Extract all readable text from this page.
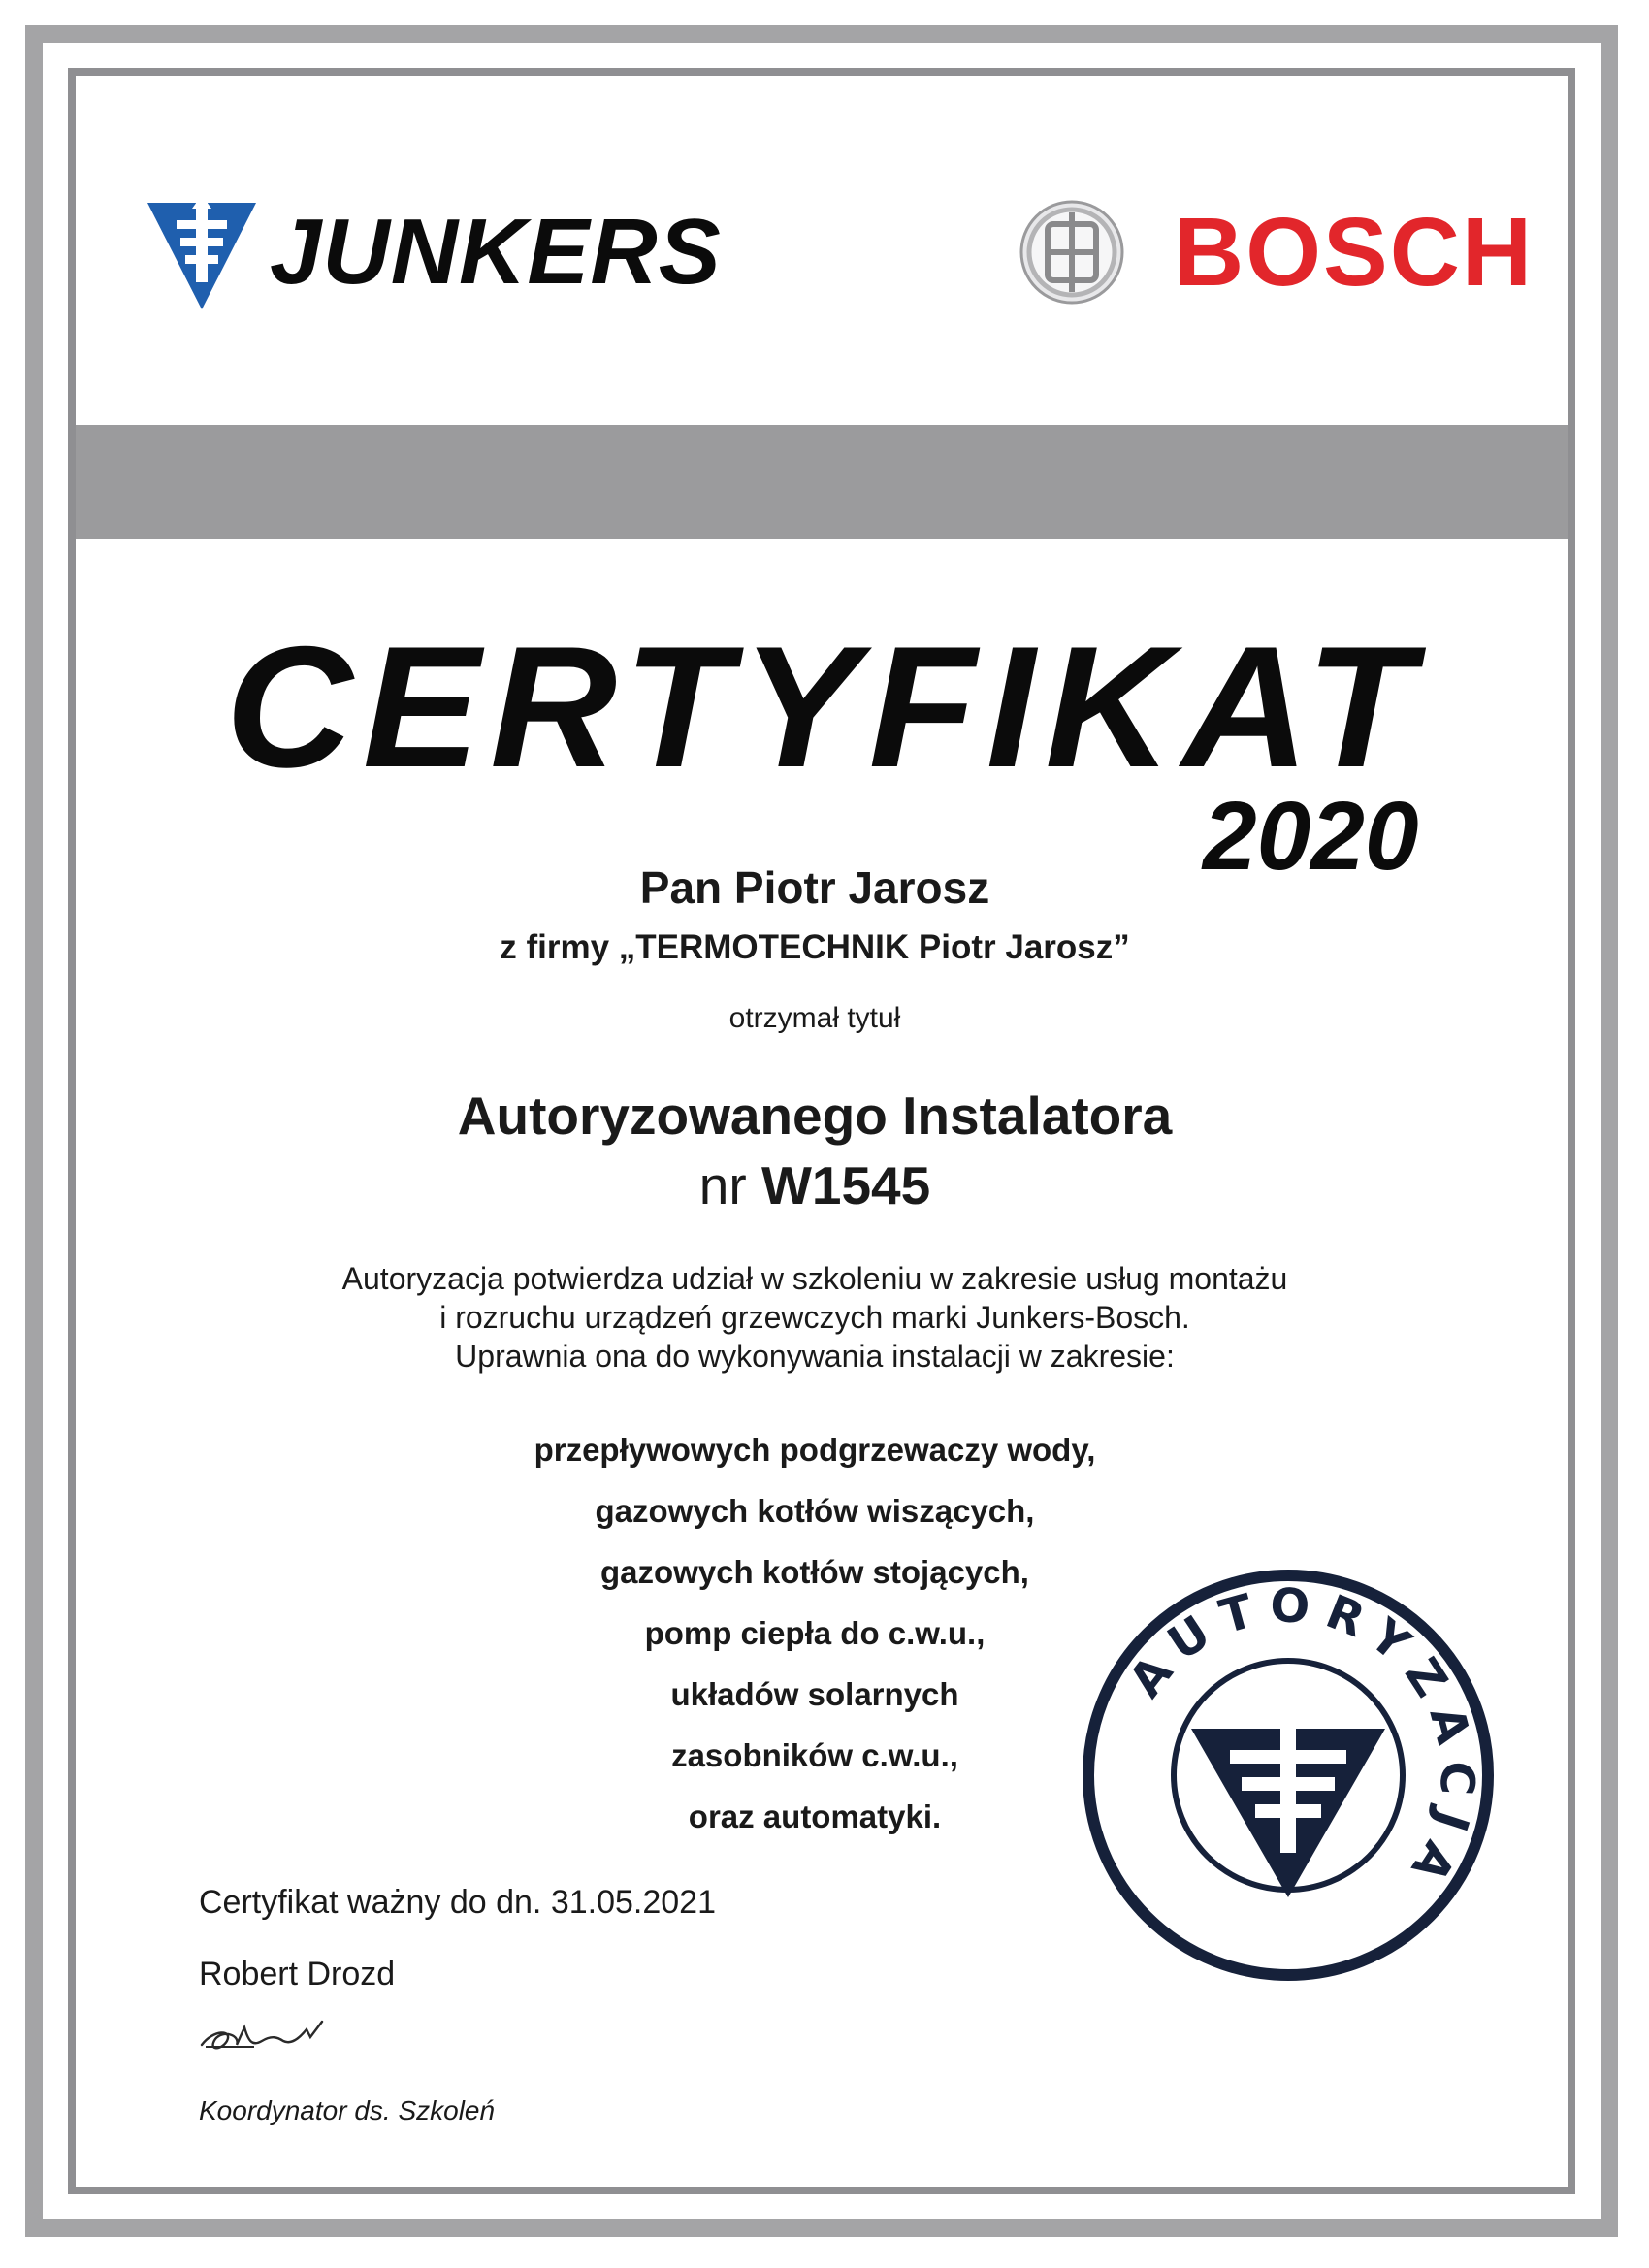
JUNKERS	BOSCH
CERTYFIKAT
2020
Pan Piotr Jarosz
z firmy „TERMOTECHNIK Piotr Jarosz”
otrzymał tytuł
Autoryzowanego Instalatora
nr W1545
Autoryzacja potwierdza udział w szkoleniu w zakresie usług montażu
i rozruchu urządzeń grzewczych marki Junkers-Bosch.
Uprawnia ona do wykonywania instalacji w zakresie:
przepływowych podgrzewaczy wody,
gazowych kotłów wiszących,
gazowych kotłów stojących,
pomp ciepła do c.w.u.,
układów solarnych
zasobników c.w.u.,
oraz automatyki.
Certyfikat ważny do dn. 31.05.2021
Robert Drozd
Koordynator ds. Szkoleń
AUTORYZACJA
